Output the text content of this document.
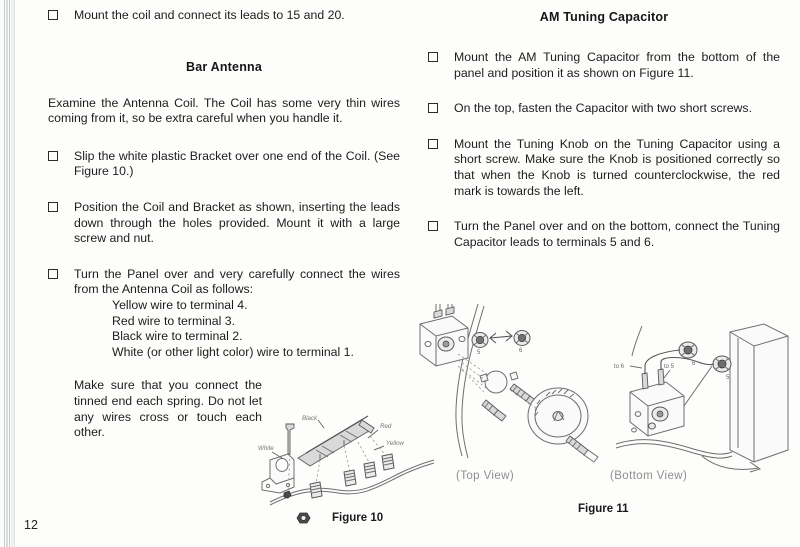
Mount the coil and connect its leads to 15 and 20.

Bar Antenna

Examine the Antenna Coil. The Coil has some very thin wires coming from it, so be extra careful when you handle it.

Slip the white plastic Bracket over one end of the Coil. (See Figure 10.)

Position the Coil and Bracket as shown, inserting the leads down through the holes provided. Mount it with a large screw and nut.

Turn the Panel over and very carefully connect the wires from the Antenna Coil as follows:

Yellow wire to terminal 4.

Red wire to terminal 3.

Black wire to terminal 2.

White (or other light color) wire to terminal 1.

Make sure that you connect the tinned end each spring. Do not let any wires cross or touch each other.

12
AM Tuning Capacitor

Mount the AM Tuning Capacitor from the bottom of the panel and position it as shown on Figure 11.

On the top, fasten the Capacitor with two short screws.

Mount the Tuning Knob on the Tuning Capacitor using a short screw. Make sure the Knob is positioned correctly so that when the Knob is turned counterclockwise, the red mark is towards the left.

Turn the Panel over and on the bottom, connect the Tuning Capacitor leads to terminals 5 and 6.

Black
Red
Yellow
White
Figure 10
5	6
6
5
to 6	to 5
(Top View)	(Bottom View)
Figure 11
